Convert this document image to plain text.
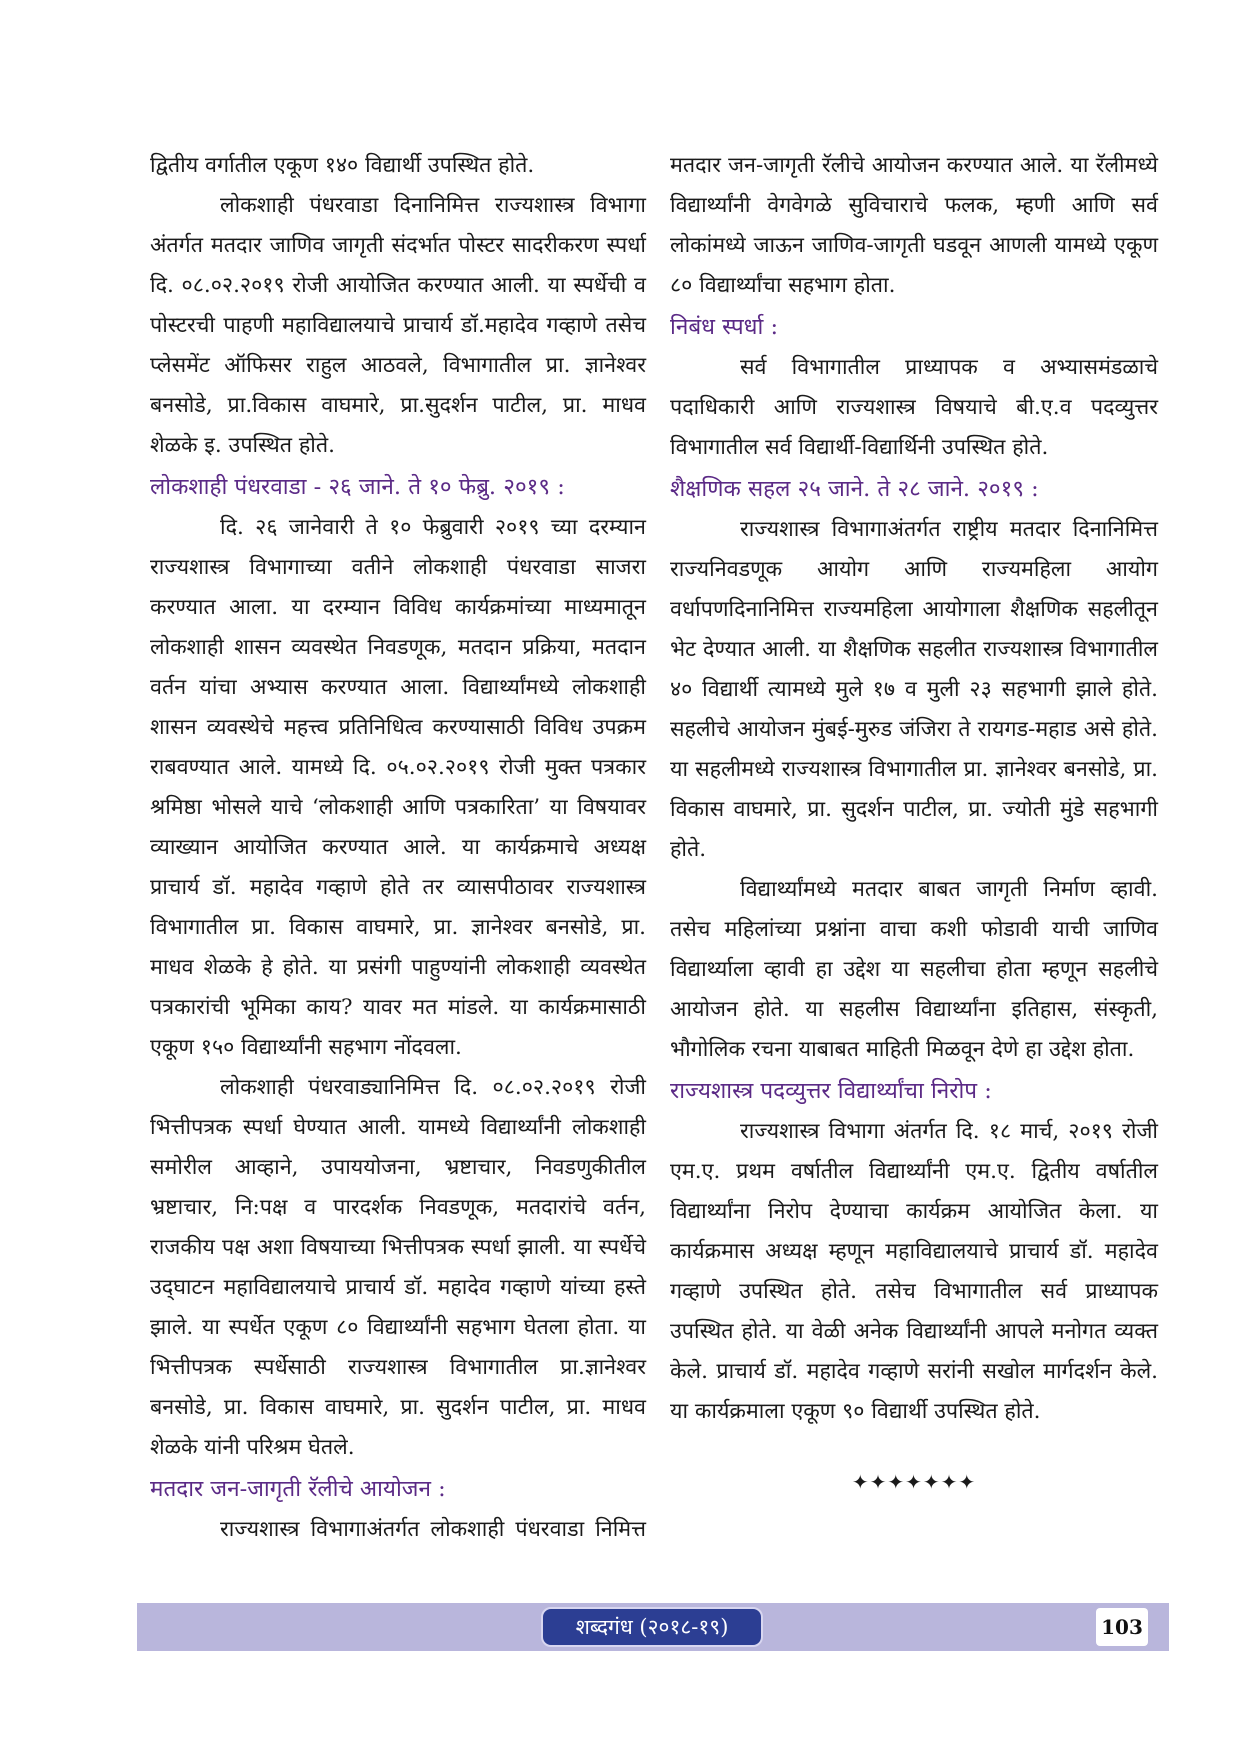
द्वितीय वर्गातील एकूण १४० विद्यार्थी उपस्थित होते.

लोकशाही पंधरवाडा दिनानिमित्त राज्यशास्त्र विभागा अंतर्गत मतदार जाणिव जागृती संदर्भात पोस्टर सादरीकरण स्पर्धा दि. ०८.०२.२०१९ रोजी आयोजित करण्यात आली. या स्पर्धेची व पोस्टरची पाहणी महाविद्यालयाचे प्राचार्य डॉ.महादेव गव्हाणे तसेच प्लेसमेंट ऑफिसर राहुल आठवले, विभागातील प्रा. ज्ञानेश्वर बनसोडे, प्रा.विकास वाघमारे, प्रा.सुदर्शन पाटील, प्रा. माधव शेळके इ. उपस्थित होते.

लोकशाही पंधरवाडा - २६ जाने. ते १० फेब्रु. २०१९ :

दि. २६ जानेवारी ते १० फेब्रुवारी २०१९ च्या दरम्यान राज्यशास्त्र विभागाच्या वतीने लोकशाही पंधरवाडा साजरा करण्यात आला. या दरम्यान विविध कार्यक्रमांच्या माध्यमातून लोकशाही शासन व्यवस्थेत निवडणूक, मतदान प्रक्रिया, मतदान वर्तन यांचा अभ्यास करण्यात आला. विद्यार्थ्यांमध्ये लोकशाही शासन व्यवस्थेचे महत्त्व प्रतिनिधित्व करण्यासाठी विविध उपक्रम राबवण्यात आले. यामध्ये दि. ०५.०२.२०१९ रोजी मुक्त पत्रकार श्रमिष्ठा भोसले याचे ‘लोकशाही आणि पत्रकारिता’ या विषयावर व्याख्यान आयोजित करण्यात आले. या कार्यक्रमाचे अध्यक्ष प्राचार्य डॉ. महादेव गव्हाणे होते तर व्यासपीठावर राज्यशास्त्र विभागातील प्रा. विकास वाघमारे, प्रा. ज्ञानेश्वर बनसोडे, प्रा. माधव शेळके हे होते. या प्रसंगी पाहुण्यांनी लोकशाही व्यवस्थेत पत्रकारांची भूमिका काय? यावर मत मांडले. या कार्यक्रमासाठी एकूण १५० विद्यार्थ्यांनी सहभाग नोंदवला.

लोकशाही पंधरवाड्यानिमित्त दि. ०८.०२.२०१९ रोजी भित्तीपत्रक स्पर्धा घेण्यात आली. यामध्ये विद्यार्थ्यांनी लोकशाही समोरील आव्हाने, उपाययोजना, भ्रष्टाचार, निवडणुकीतील भ्रष्टाचार, नि:पक्ष व पारदर्शक निवडणूक, मतदारांचे वर्तन, राजकीय पक्ष अशा विषयाच्या भित्तीपत्रक स्पर्धा झाली. या स्पर्धेचे उद्‌घाटन महाविद्यालयाचे प्राचार्य डॉ. महादेव गव्हाणे यांच्या हस्ते झाले. या स्पर्धेत एकूण ८० विद्यार्थ्यांनी सहभाग घेतला होता. या भित्तीपत्रक स्पर्धेसाठी राज्यशास्त्र विभागातील प्रा.ज्ञानेश्वर बनसोडे, प्रा. विकास वाघमारे, प्रा. सुदर्शन पाटील, प्रा. माधव शेळके यांनी परिश्रम घेतले.

मतदार जन-जागृती रॅलीचे आयोजन :

राज्यशास्त्र विभागाअंतर्गत लोकशाही पंधरवाडा निमित्त

मतदार जन-जागृती रॅलीचे आयोजन करण्यात आले. या रॅलीमध्ये विद्यार्थ्यांनी वेगवेगळे सुविचाराचे फलक, म्हणी आणि सर्व लोकांमध्ये जाऊन जाणिव-जागृती घडवून आणली यामध्ये एकूण ८० विद्यार्थ्यांचा सहभाग होता.

निबंध स्पर्धा :

सर्व विभागातील प्राध्यापक व अभ्यासमंडळाचे पदाधिकारी आणि राज्यशास्त्र विषयाचे बी.ए.व पदव्युत्तर विभागातील सर्व विद्यार्थी-विद्यार्थिनी उपस्थित होते.

शैक्षणिक सहल २५ जाने. ते २८ जाने. २०१९ :

राज्यशास्त्र विभागाअंतर्गत राष्ट्रीय मतदार दिनानिमित्त राज्यनिवडणूक आयोग आणि राज्यमहिला आयोग वर्धापणदिनानिमित्त राज्यमहिला आयोगाला शैक्षणिक सहलीतून भेट देण्यात आली. या शैक्षणिक सहलीत राज्यशास्त्र विभागातील ४० विद्यार्थी त्यामध्ये मुले १७ व मुली २३ सहभागी झाले होते. सहलीचे आयोजन मुंबई-मुरुड जंजिरा ते रायगड-महाड असे होते. या सहलीमध्ये राज्यशास्त्र विभागातील प्रा. ज्ञानेश्वर बनसोडे, प्रा. विकास वाघमारे, प्रा. सुदर्शन पाटील, प्रा. ज्योती मुंडे सहभागी होते.

विद्यार्थ्यांमध्ये मतदार बाबत जागृती निर्माण व्हावी. तसेच महिलांच्या प्रश्नांना वाचा कशी फोडावी याची जाणिव विद्यार्थ्याला व्हावी हा उद्देश या सहलीचा होता म्हणून सहलीचे आयोजन होते. या सहलीस विद्यार्थ्यांना इतिहास, संस्कृती, भौगोलिक रचना याबाबत माहिती मिळवून देणे हा उद्देश होता.

राज्यशास्त्र पदव्युत्तर विद्यार्थ्यांचा निरोप :

राज्यशास्त्र विभागा अंतर्गत दि. १८ मार्च, २०१९ रोजी एम.ए. प्रथम वर्षातील विद्यार्थ्यांनी एम.ए. द्वितीय वर्षातील विद्यार्थ्यांना निरोप देण्याचा कार्यक्रम आयोजित केला. या कार्यक्रमास अध्यक्ष म्हणून महाविद्यालयाचे प्राचार्य डॉ. महादेव गव्हाणे उपस्थित होते. तसेच विभागातील सर्व प्राध्यापक उपस्थित होते. या वेळी अनेक विद्यार्थ्यांनी आपले मनोगत व्यक्त केले. प्राचार्य डॉ. महादेव गव्हाणे सरांनी सखोल मार्गदर्शन केले. या कार्यक्रमाला एकूण ९० विद्यार्थी उपस्थित होते.

✦✦✦✦✦✦✦
शब्दगंध (२०१८-१९)	103
